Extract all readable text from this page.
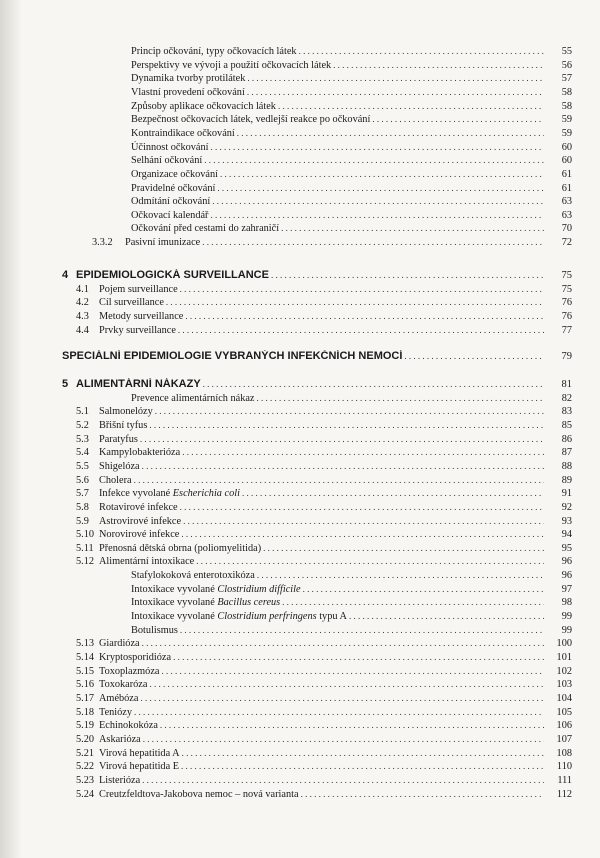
Princip očkování, typy očkovacích látek . . .	55
Perspektivy ve vývoji a použití očkovacích látek . . .	56
Dynamika tvorby protilátek . . .	57
Vlastní provedení očkování . . .	58
Způsoby aplikace očkovacích látek . . .	58
Bezpečnost očkovacích látek, vedlejší reakce po očkování . . .	59
Kontraindikace očkování . . .	59
Účinnost očkování . . .	60
Selhání očkování . . .	60
Organizace očkování . . .	61
Pravidelné očkování . . .	61
Odmítání očkování . . .	63
Očkovací kalendář . . .	63
Očkování před cestami do zahraničí . . .	70
3.3.2 Pasivní imunizace . . .	72
4 EPIDEMIOLOGICKÁ SURVEILLANCE . . .	75
4.1 Pojem surveillance . . .	75
4.2 Cíl surveillance . . .	76
4.3 Metody surveillance . . .	76
4.4 Prvky surveillance . . .	77
SPECIÁLNÍ EPIDEMIOLOGIE VYBRANÝCH INFEKČNÍCH NEMOCÍ . . .	79
5 ALIMENTÁRNÍ NÁKAZY . . .	81
Prevence alimentárních nákaz . . .	82
5.1 Salmonelózy . . .	83
5.2 Břišní tyfus . . .	85
5.3 Paratyfus . . .	86
5.4 Kampylobakterióza . . .	87
5.5 Shigelóza . . .	88
5.6 Cholera . . .	89
5.7 Infekce vyvolané Escherichia coli . . .	91
5.8 Rotavirové infekce . . .	92
5.9 Astrovirové infekce . . .	93
5.10 Norovirové infekce . . .	94
5.11 Přenosná dětská obrna (poliomyelitida) . . .	95
5.12 Alimentární intoxikace . . .	96
Stafylokoková enterotoxikóza . . .	96
Intoxikace vyvolané Clostridium difficile . . .	97
Intoxikace vyvolané Bacillus cereus . . .	98
Intoxikace vyvolané Clostridium perfringens typu A . . .	99
Botulismus . . .	99
5.13 Giardióza . . .	100
5.14 Kryptosporidióza . . .	101
5.15 Toxoplazmóza . . .	102
5.16 Toxokaróza . . .	103
5.17 Amébóza . . .	104
5.18 Teniózy . . .	105
5.19 Echinokokóza . . .	106
5.20 Askarióza . . .	107
5.21 Virová hepatitida A . . .	108
5.22 Virová hepatitida E . . .	110
5.23 Listerióza . . .	111
5.24 Creutzfeldtova-Jakobova nemoc – nová varianta . . .	112
